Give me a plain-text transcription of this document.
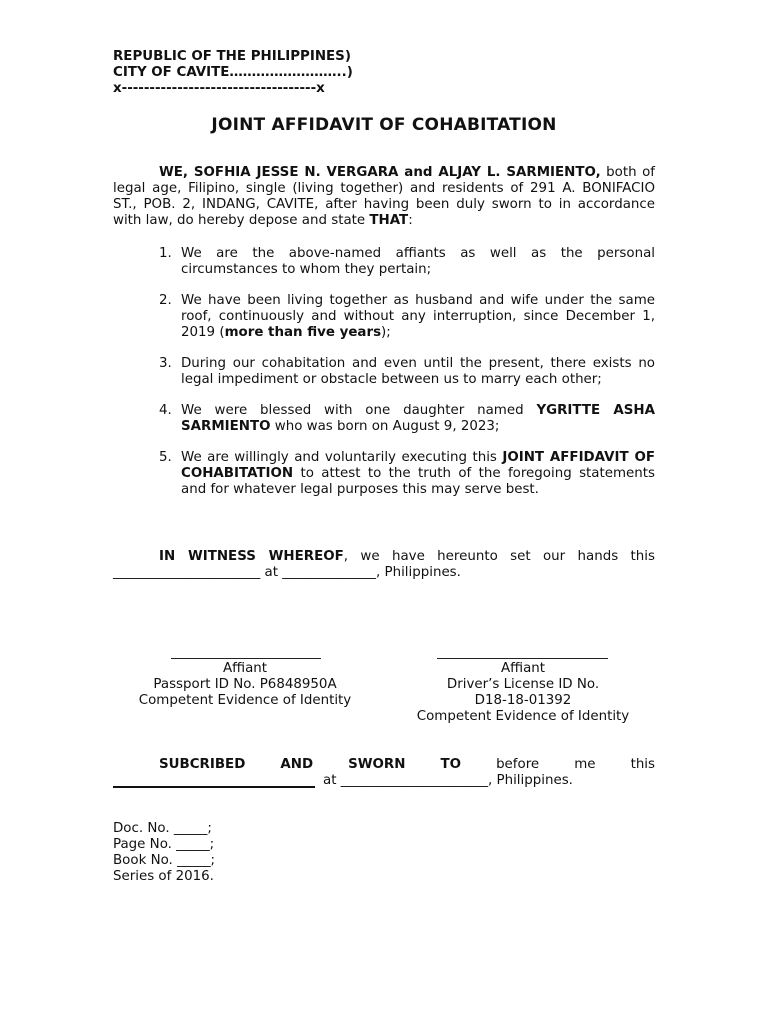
REPUBLIC OF THE PHILIPPINES)
CITY OF CAVITE……………………..)
x-----------------------------------x
JOINT AFFIDAVIT OF COHABITATION
WE, SOFHIA JESSE N. VERGARA and ALJAY L. SARMIENTO, both of legal age, Filipino, single (living together) and residents of 291 A. BONIFACIO ST., POB. 2, INDANG, CAVITE, after having been duly sworn to in accordance with law, do hereby depose and state THAT:
1. We are the above-named affiants as well as the personal circumstances to whom they pertain;
2. We have been living together as husband and wife under the same roof, continuously and without any interruption, since December 1, 2019 (more than five years);
3. During our cohabitation and even until the present, there exists no legal impediment or obstacle between us to marry each other;
4. We were blessed with one daughter named YGRITTE ASHA SARMIENTO who was born on August 9, 2023;
5. We are willingly and voluntarily executing this JOINT AFFIDAVIT OF COHABITATION to attest to the truth of the foregoing statements and for whatever legal purposes this may serve best.
IN WITNESS WHEREOF, we have hereunto set our hands this
______________________ at ______________, Philippines.
Affiant
Passport ID No. P6848950A
Competent Evidence of Identity
Affiant
Driver’s License ID No.
D18-18-01392
Competent Evidence of Identity
SUBCRIBED	AND	SWORN	TO	before	me	this
at ______________________, Philippines.
Doc. No. _____;
Page No. _____;
Book No. _____;
Series of 2016.
